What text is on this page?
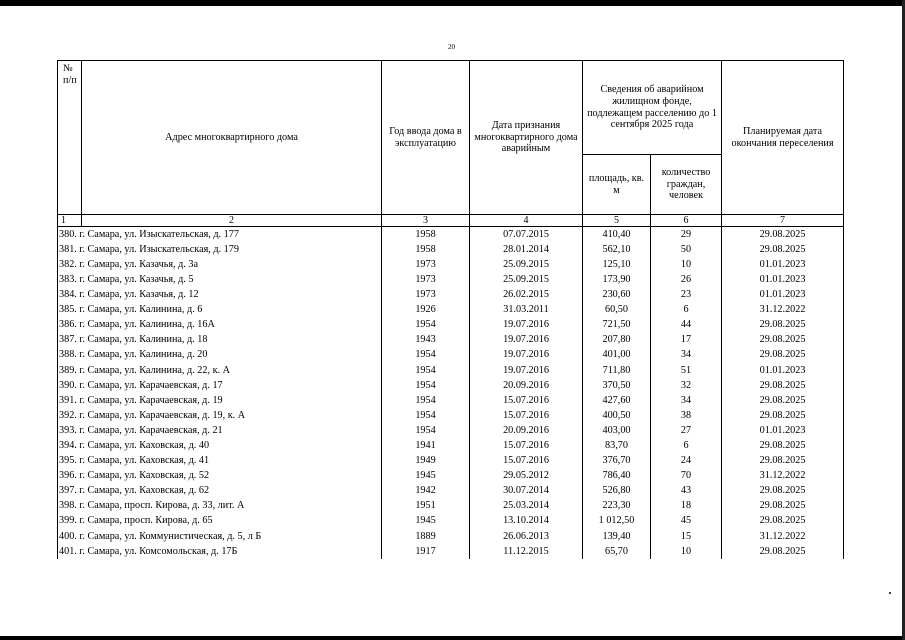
20
№
п/п	Адрес многоквартирного дома	Год ввода дома в эксплуатацию	Дата признания многоквартирного дома аварийным	Сведения об аварийном жилищном фонде, подлежащем расселению до 1 сентября 2025 года		Планируемая дата окончания переселения
				площадь, кв. м	количество граждан, человек	
1	2	3	4	5	6	7
380. г. Самара, ул. Изыскательская, д. 177		1958	07.07.2015	410,40	29	29.08.2025
381. г. Самара, ул. Изыскательская, д. 179		1958	28.01.2014	562,10	50	29.08.2025
382. г. Самара, ул. Казачья, д. 3а		1973	25.09.2015	125,10	10	01.01.2023
383. г. Самара, ул. Казачья, д. 5		1973	25.09.2015	173,90	26	01.01.2023
384. г. Самара, ул. Казачья, д. 12		1973	26.02.2015	230,60	23	01.01.2023
385. г. Самара, ул. Калинина, д. 6		1926	31.03.2011	60,50	6	31.12.2022
386. г. Самара, ул. Калинина, д. 16А		1954	19.07.2016	721,50	44	29.08.2025
387. г. Самара, ул. Калинина, д. 18		1943	19.07.2016	207,80	17	29.08.2025
388. г. Самара, ул. Калинина, д. 20		1954	19.07.2016	401,00	34	29.08.2025
389. г. Самара, ул. Калинина, д. 22, к. А		1954	19.07.2016	711,80	51	01.01.2023
390. г. Самара, ул. Карачаевская, д. 17		1954	20.09.2016	370,50	32	29.08.2025
391. г. Самара, ул. Карачаевская, д. 19		1954	15.07.2016	427,60	34	29.08.2025
392. г. Самара, ул. Карачаевская, д. 19, к. А		1954	15.07.2016	400,50	38	29.08.2025
393. г. Самара, ул. Карачаевская, д. 21		1954	20.09.2016	403,00	27	01.01.2023
394. г. Самара, ул. Каховская, д. 40		1941	15.07.2016	83,70	6	29.08.2025
395. г. Самара, ул. Каховская, д. 41		1949	15.07.2016	376,70	24	29.08.2025
396. г. Самара, ул. Каховская, д. 52		1945	29.05.2012	786,40	70	31.12.2022
397. г. Самара, ул. Каховская, д. 62		1942	30.07.2014	526,80	43	29.08.2025
398. г. Самара, просп. Кирова, д. 33, лит. А		1951	25.03.2014	223,30	18	29.08.2025
399. г. Самара, просп. Кирова, д. 65		1945	13.10.2014	1 012,50	45	29.08.2025
400. г. Самара, ул. Коммунистическая, д. 5, л Б		1889	26.06.2013	139,40	15	31.12.2022
401. г. Самара, ул. Комсомольская, д. 17Б		1917	11.12.2015	65,70	10	29.08.2025
